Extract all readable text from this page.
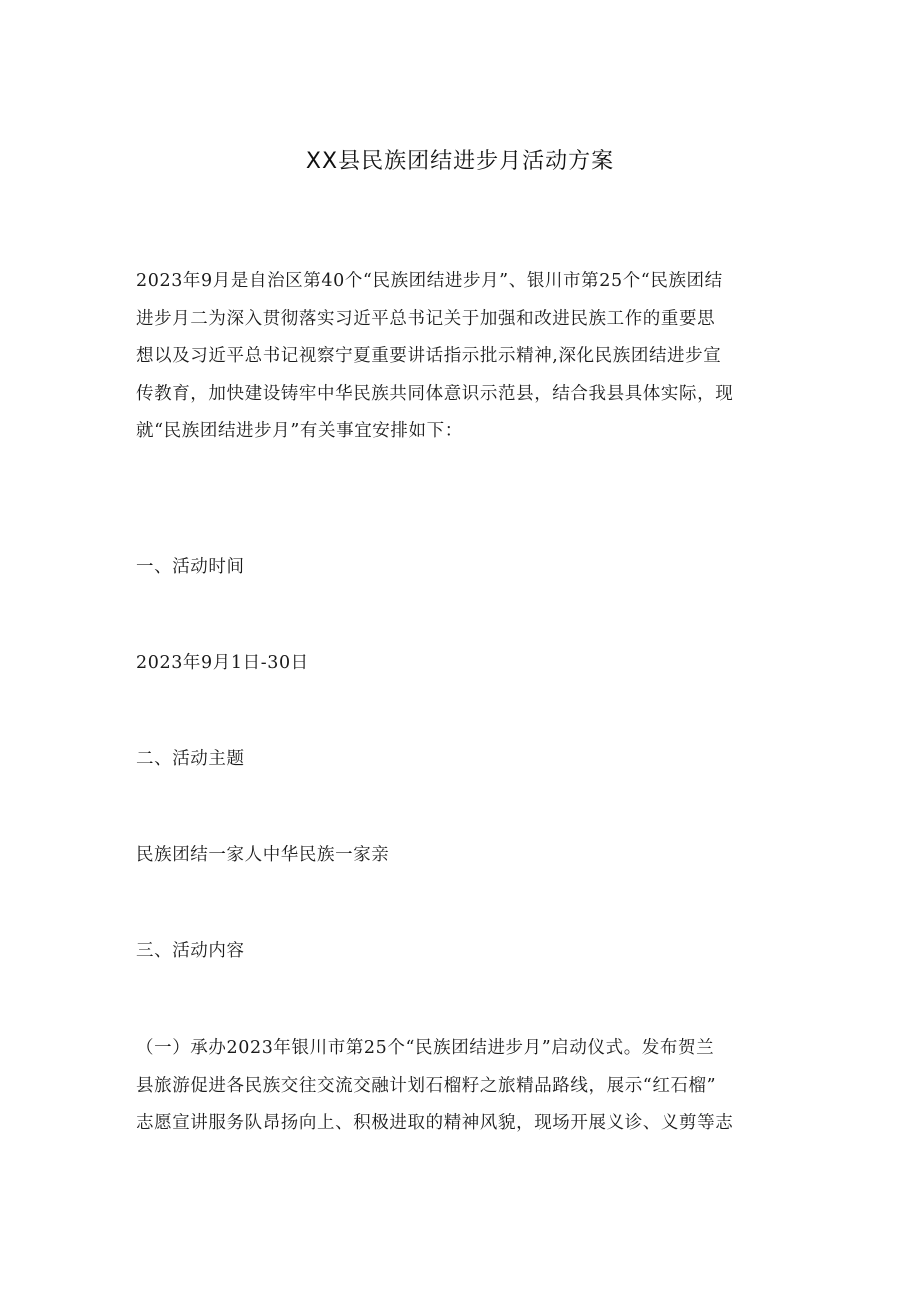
XX县民族团结进步月活动方案
2023年9月是自治区第40个“民族团结进步月”、银川市第25个“民族团结
进步月二为深入贯彻落实习近平总书记关于加强和改进民族工作的重要思
想以及习近平总书记视察宁夏重要讲话指示批示精神,深化民族团结进步宣
传教育，加快建设铸牢中华民族共同体意识示范县，结合我县具体实际，现
就“民族团结进步月”有关事宜安排如下：
一、活动时间
2023年9月1日-30日
二、活动主题
民族团结一家人中华民族一家亲
三、活动内容
（一）承办2023年银川市第25个“民族团结进步月”启动仪式。发布贺兰
县旅游促进各民族交往交流交融计划石榴籽之旅精品路线，展示“红石榴”
志愿宣讲服务队昂扬向上、积极进取的精神风貌，现场开展义诊、义剪等志
